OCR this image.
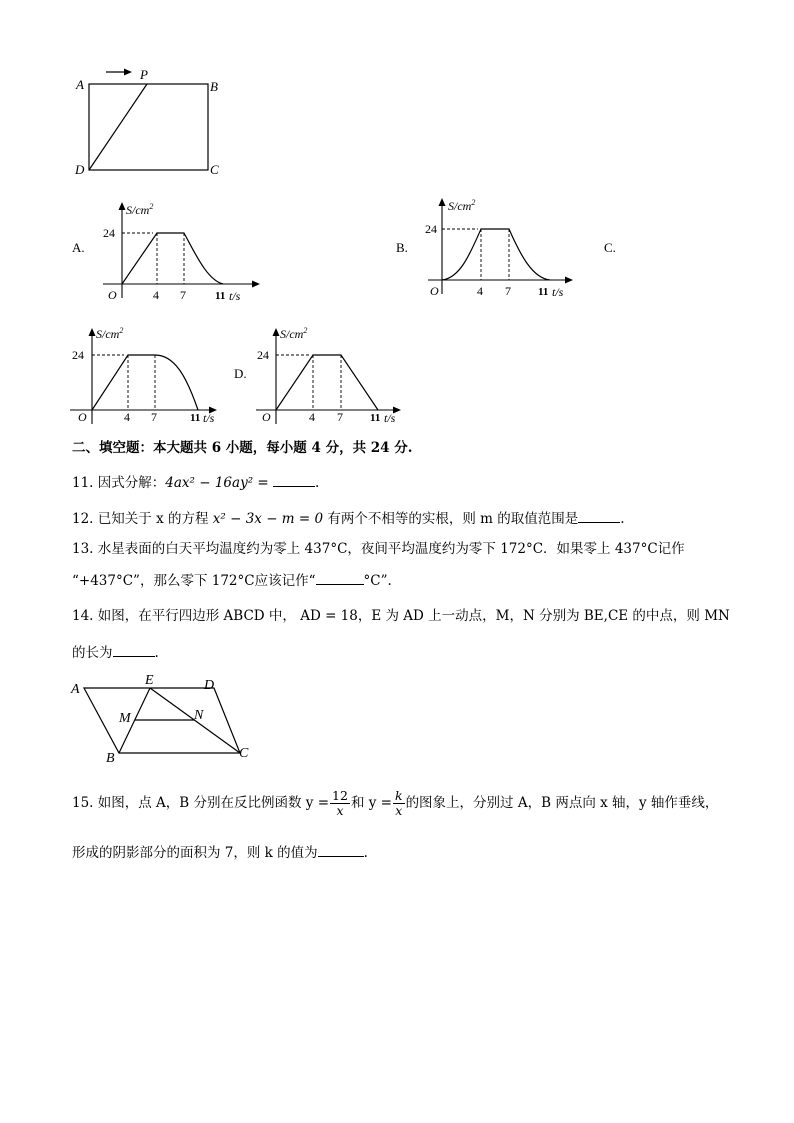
A
P
B
D	C
A.	B.	C.
D.
$S/cm^2$
24
O	4 7	11 t/s
$S/cm^2$
24
O	4 7 11 t/s
$S/cm^2$
24
O	4 7	11 t/s
$S/cm^2$
24
O	4 7 11 t/s
二、填空题：本大题共 6 小题，每小题 4 分，共 24 分.
11. 因式分解：4ax² − 16ay² =	.
12. 已知关于 x 的方程 x² − 3x − m = 0 有两个不相等的实根，则 m 的取值范围是	.
13. 水星表面的白天平均温度约为零上 437°C，夜间平均温度约为零下 172°C．如果零上 437°C记作
“+437°C”，那么零下 172°C应该记作“	°C”.
14. 如图，在平行四边形 ABCD 中， AD = 18，E 为 AD 上一动点，M，N 分别为 BE,CE 的中点，则 MN
的长为	.
A
E	D
M	N
B	C
15. 如图，点 A，B 分别在反比例函数 $y = \frac{12}{x}$ 和 $y = \frac{k}{x}$ 的图象上，分别过 A，B 两点向 x 轴，y 轴作垂线，
形成的阴影部分的面积为 7，则 k 的值为	.
